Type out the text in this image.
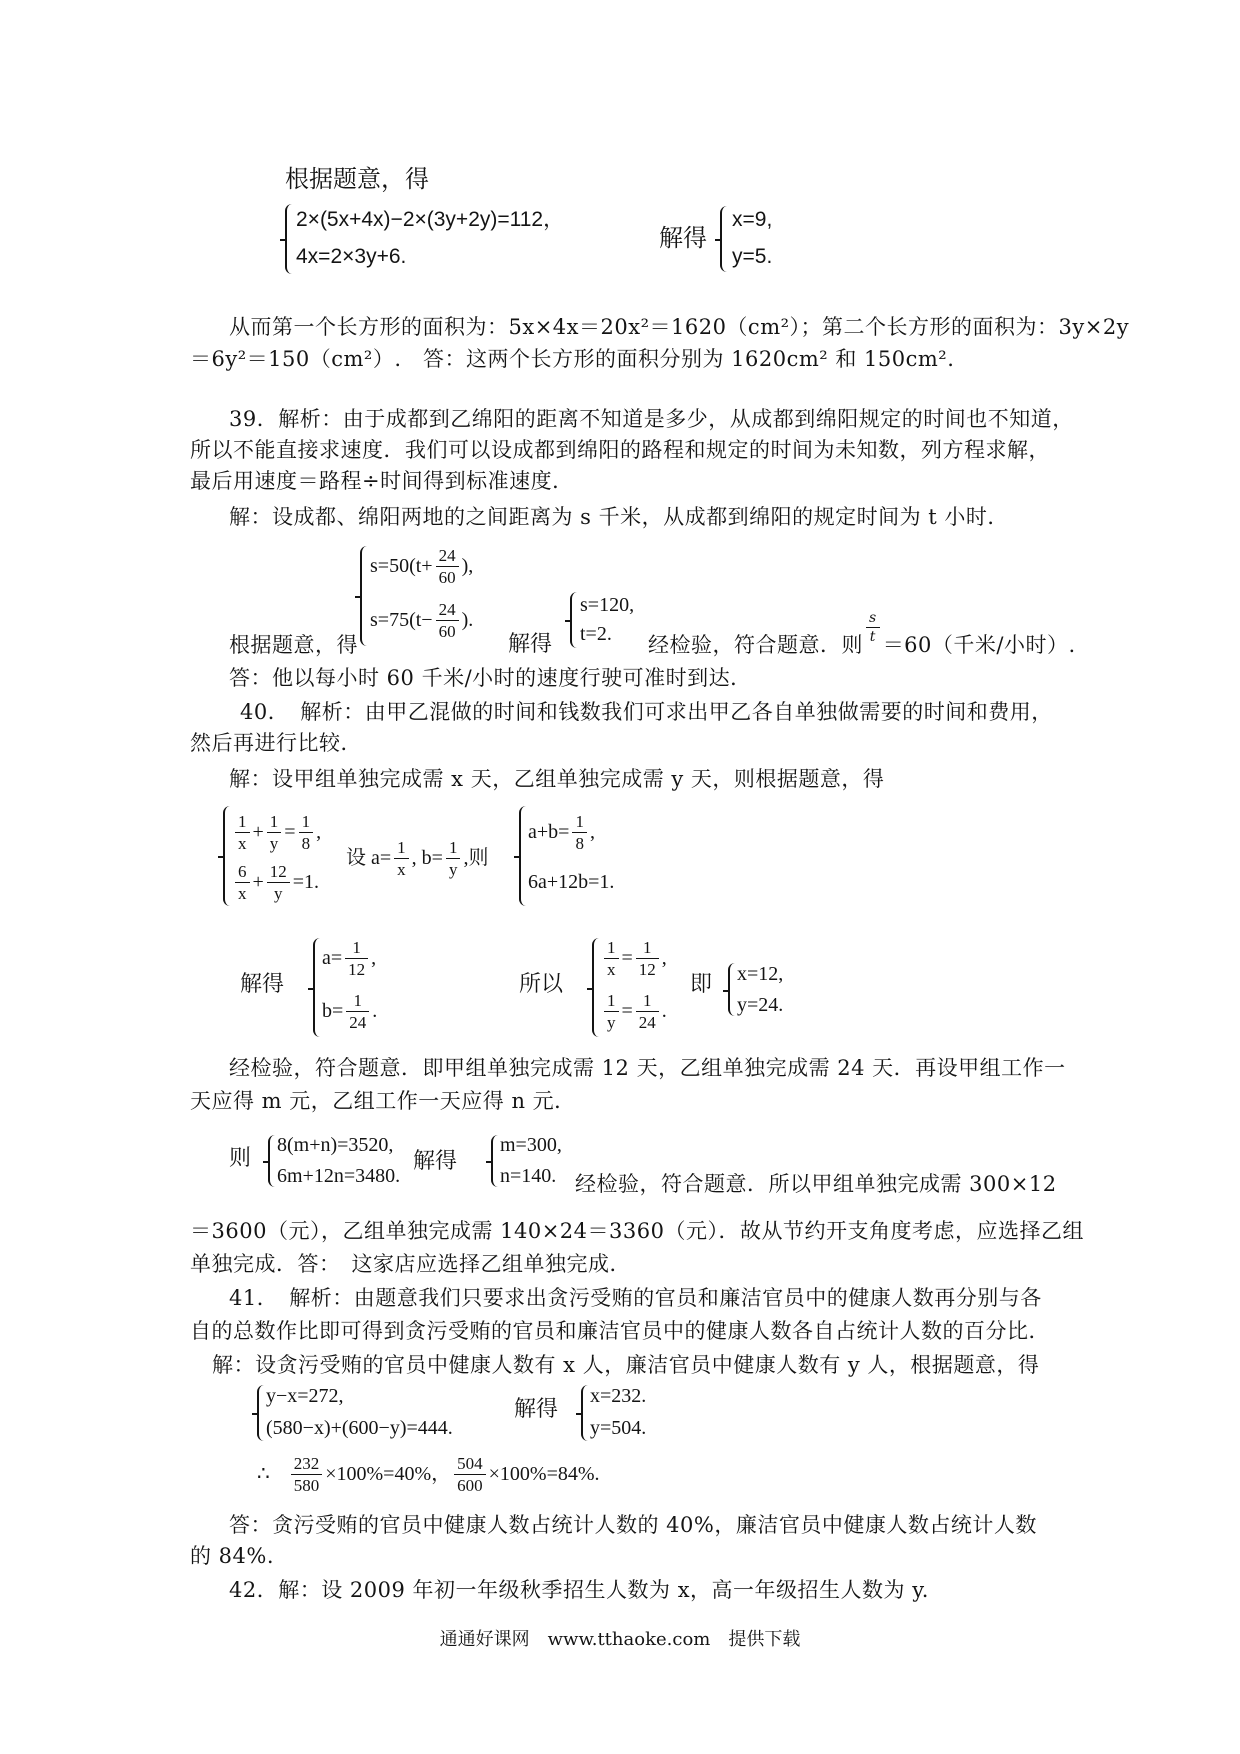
根据题意，得
2×(5x+4x)−2×(3y+2y)=112，
4x=2×3y+6.
解得
x=9,
y=5.
从而第一个长方形的面积为：5x×4x＝20x²＝1620（cm²）；第二个长方形的面积为：3y×2y
＝6y²＝150（cm²）.　答：这两个长方形的面积分别为 1620cm² 和 150cm².
39．解析：由于成都到乙绵阳的距离不知道是多少，从成都到绵阳规定的时间也不知道，
所以不能直接求速度．我们可以设成都到绵阳的路程和规定的时间为未知数，列方程求解，
最后用速度＝路程÷时间得到标准速度．
解：设成都、绵阳两地的之间距离为 s 千米，从成都到绵阳的规定时间为 t 小时．
$s=50(t+ \frac{24}{60}$ ),
$s=75(t- \frac{24}{60}$ ).
根据题意，得	解得
s=120,
t=2. 经检验，符合题意．则 $\frac{s}{t} =60$（千米/小时）.
答：他以每小时 60 千米/小时的速度行驶可准时到达．
40．　解析：由甲乙混做的时间和钱数我们可求出甲乙各自单独做需要的时间和费用，
然后再进行比较．
解：设甲组单独完成需 x 天，乙组单独完成需 y 天，则根据题意，得
$\frac{1}{x} + \frac{1}{y} = \frac{1}{8}$ ,
$\frac{6}{x} + \frac{12}{y} =1$.
设 $a= \frac{1}{x}$ , $b= \frac{1}{y}$ ,则
$a+b= \frac{1}{8}$ ,
6a+12b=1.
解得
$a= \frac{1}{12}$ ,
$b= \frac{1}{24}$ .
所以
$\frac{1}{x} = \frac{1}{12}$ ,
$\frac{1}{y} = \frac{1}{24}$ .
即 x=12,
y=24.
经检验，符合题意．即甲组单独完成需 12 天，乙组单独完成需 24 天．再设甲组工作一
天应得 m 元，乙组工作一天应得 n 元．
则
8(m+n)=3520,
6m+12n=3480.
解得
m=300,
n=140. 经检验，符合题意．所以甲组单独完成需 300×12
＝3600（元），乙组单独完成需 140×24＝3360（元）．故从节约开支角度考虑，应选择乙组
单独完成．答：　这家店应选择乙组单独完成．
41．　解析：由题意我们只要求出贪污受贿的官员和廉洁官员中的健康人数再分别与各
自的总数作比即可得到贪污受贿的官员和廉洁官员中的健康人数各自占统计人数的百分比．
解：设贪污受贿的官员中健康人数有 x 人，廉洁官员中健康人数有 y 人，根据题意，得
y−x=272,
(580−x)+(600−y)=444.
解得
x=232.
y=504.
∴ $\frac{232}{580} \times 100\%=40\%$， $\frac{504}{600} \times 100\%=84\%$.
答：贪污受贿的官员中健康人数占统计人数的 40%，廉洁官员中健康人数占统计人数
的 84%.
42．解：设 2009 年初一年级秋季招生人数为 x，高一年级招生人数为 y.
通通好课网　www.tthaoke.com　提供下载
